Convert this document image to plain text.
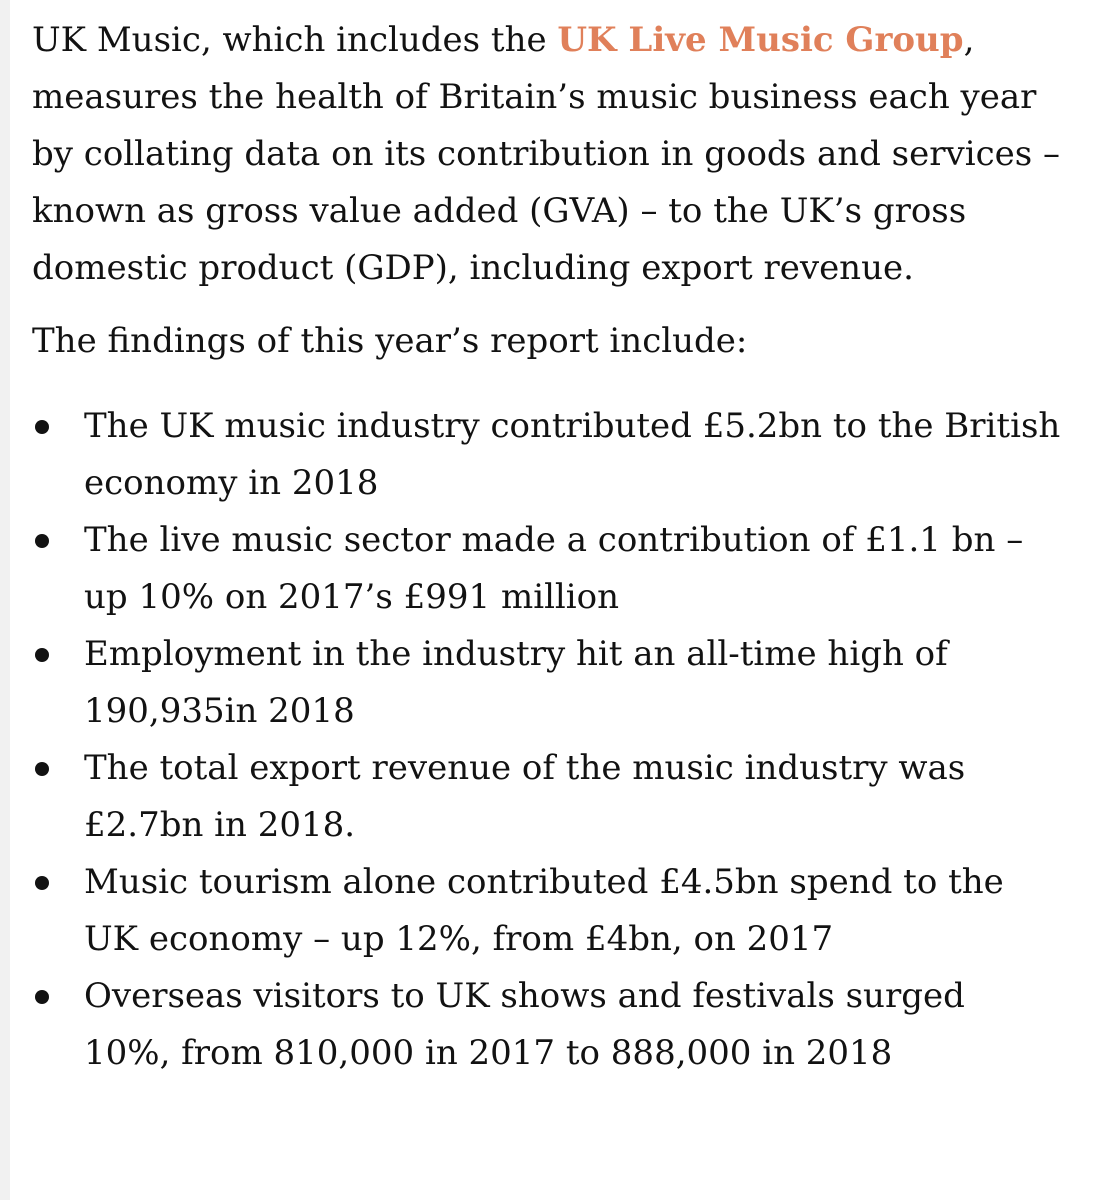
UK Music, which includes the UK Live Music Group, measures the health of Britain’s music business each year by collating data on its contribution in goods and services – known as gross value added (GVA) – to the UK’s gross domestic product (GDP), including export revenue.

The findings of this year’s report include:

The UK music industry contributed £5.2bn to the British economy in 2018
The live music sector made a contribution of £1.1 bn – up 10% on 2017’s £991 million
Employment in the industry hit an all-time high of 190,935in 2018
The total export revenue of the music industry was £2.7bn in 2018.
Music tourism alone contributed £4.5bn spend to the UK economy – up 12%, from £4bn, on 2017
Overseas visitors to UK shows and festivals surged 10%, from 810,000 in 2017 to 888,000 in 2018
